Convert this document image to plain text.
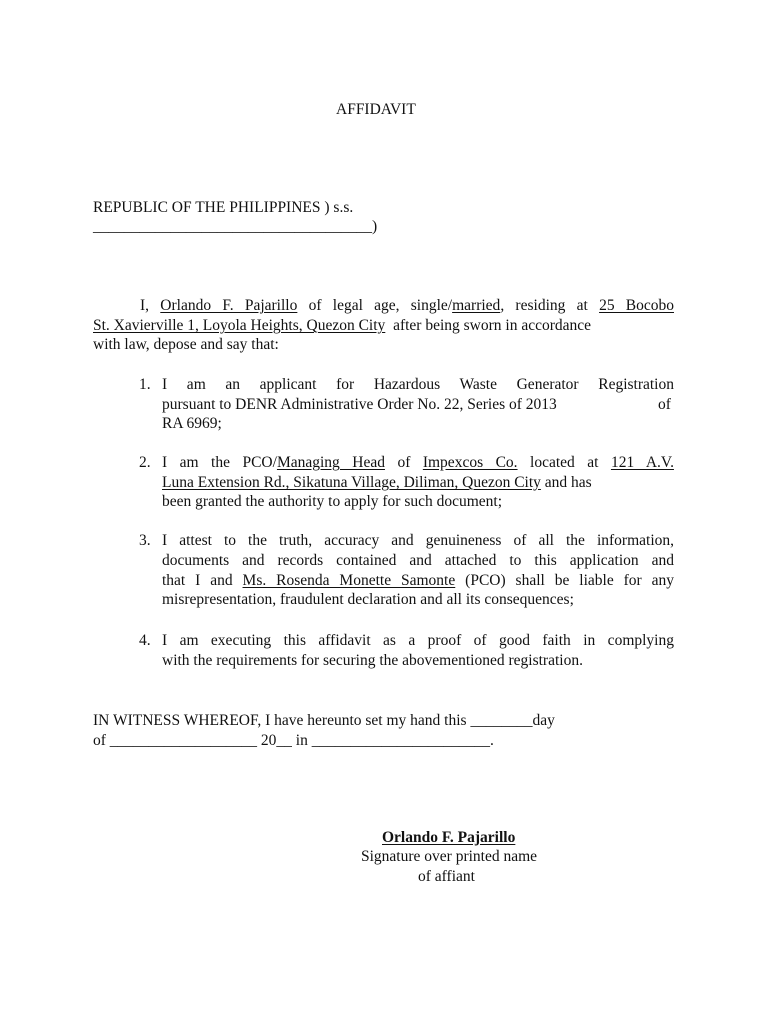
AFFIDAVIT
REPUBLIC OF THE PHILIPPINES ) s.s.
____________________________________)
I, Orlando F. Pajarillo of legal age, single/married, residing at 25 Bocobo
St. Xavierville 1, Loyola Heights, Quezon City  after being sworn in accordance
with law, depose and say that:
1. I am an applicant for Hazardous Waste Generator Registration
pursuant to DENR Administrative Order No. 22, Series of 2013	of
RA 6969;
2. I am the PCO/Managing Head of Impexcos Co. located at 121 A.V.
Luna Extension Rd., Sikatuna Village, Diliman, Quezon City and has
been granted the authority to apply for such document;
3. I attest to the truth, accuracy and genuineness of all the information,
documents and records contained and attached to this application and
that I and Ms. Rosenda Monette Samonte (PCO) shall be liable for any
misrepresentation, fraudulent declaration and all its consequences;
4. I am executing this affidavit as a proof of good faith in complying
with the requirements for securing the abovementioned registration.
IN WITNESS WHEREOF, I have hereunto set my hand this ________day
of ___________________ 20__ in _______________________.
Orlando F. Pajarillo
Signature over printed name
of affiant
